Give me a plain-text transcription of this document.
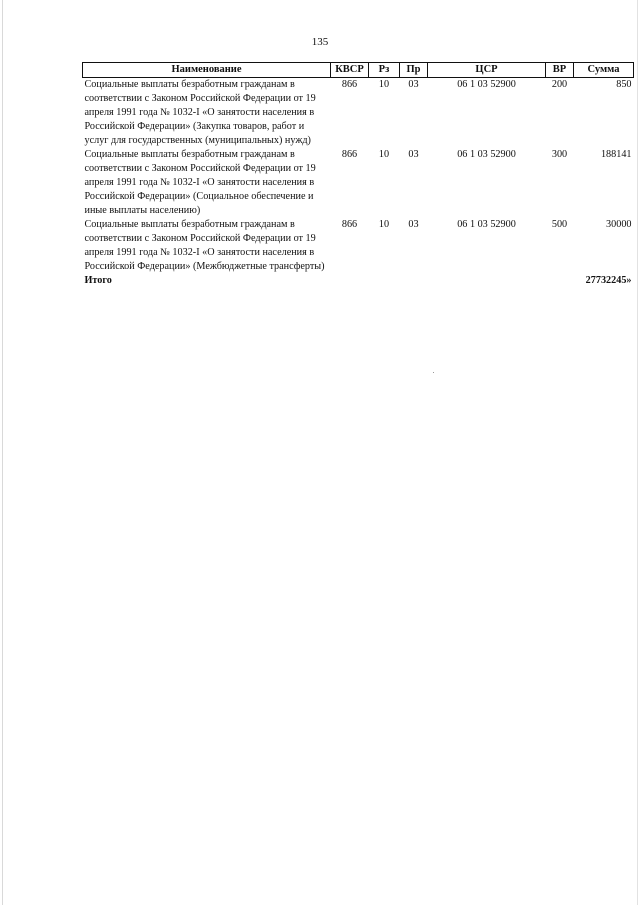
135
Наименование	КВСР	Рз	Пр	ЦСР	ВР	Сумма
Социальные выплаты безработным гражданам в соответствии с Законом Российской Федерации от 19 апреля 1991 года № 1032-I «О занятости населения в Российской Федерации» (Закупка товаров, работ и услуг для государственных (муниципальных) нужд)	866	10	03	06 1 03 52900	200	850
Социальные выплаты безработным гражданам в соответствии с Законом Российской Федерации от 19 апреля 1991 года № 1032-I «О занятости населения в Российской Федерации» (Социальное обеспечение и иные выплаты населению)	866	10	03	06 1 03 52900	300	188141
Социальные выплаты безработным гражданам в соответствии с Законом Российской Федерации от 19 апреля 1991 года № 1032-I «О занятости населения в Российской Федерации» (Межбюджетные трансферты)	866	10	03	06 1 03 52900	500	30000
Итого						27732245»
